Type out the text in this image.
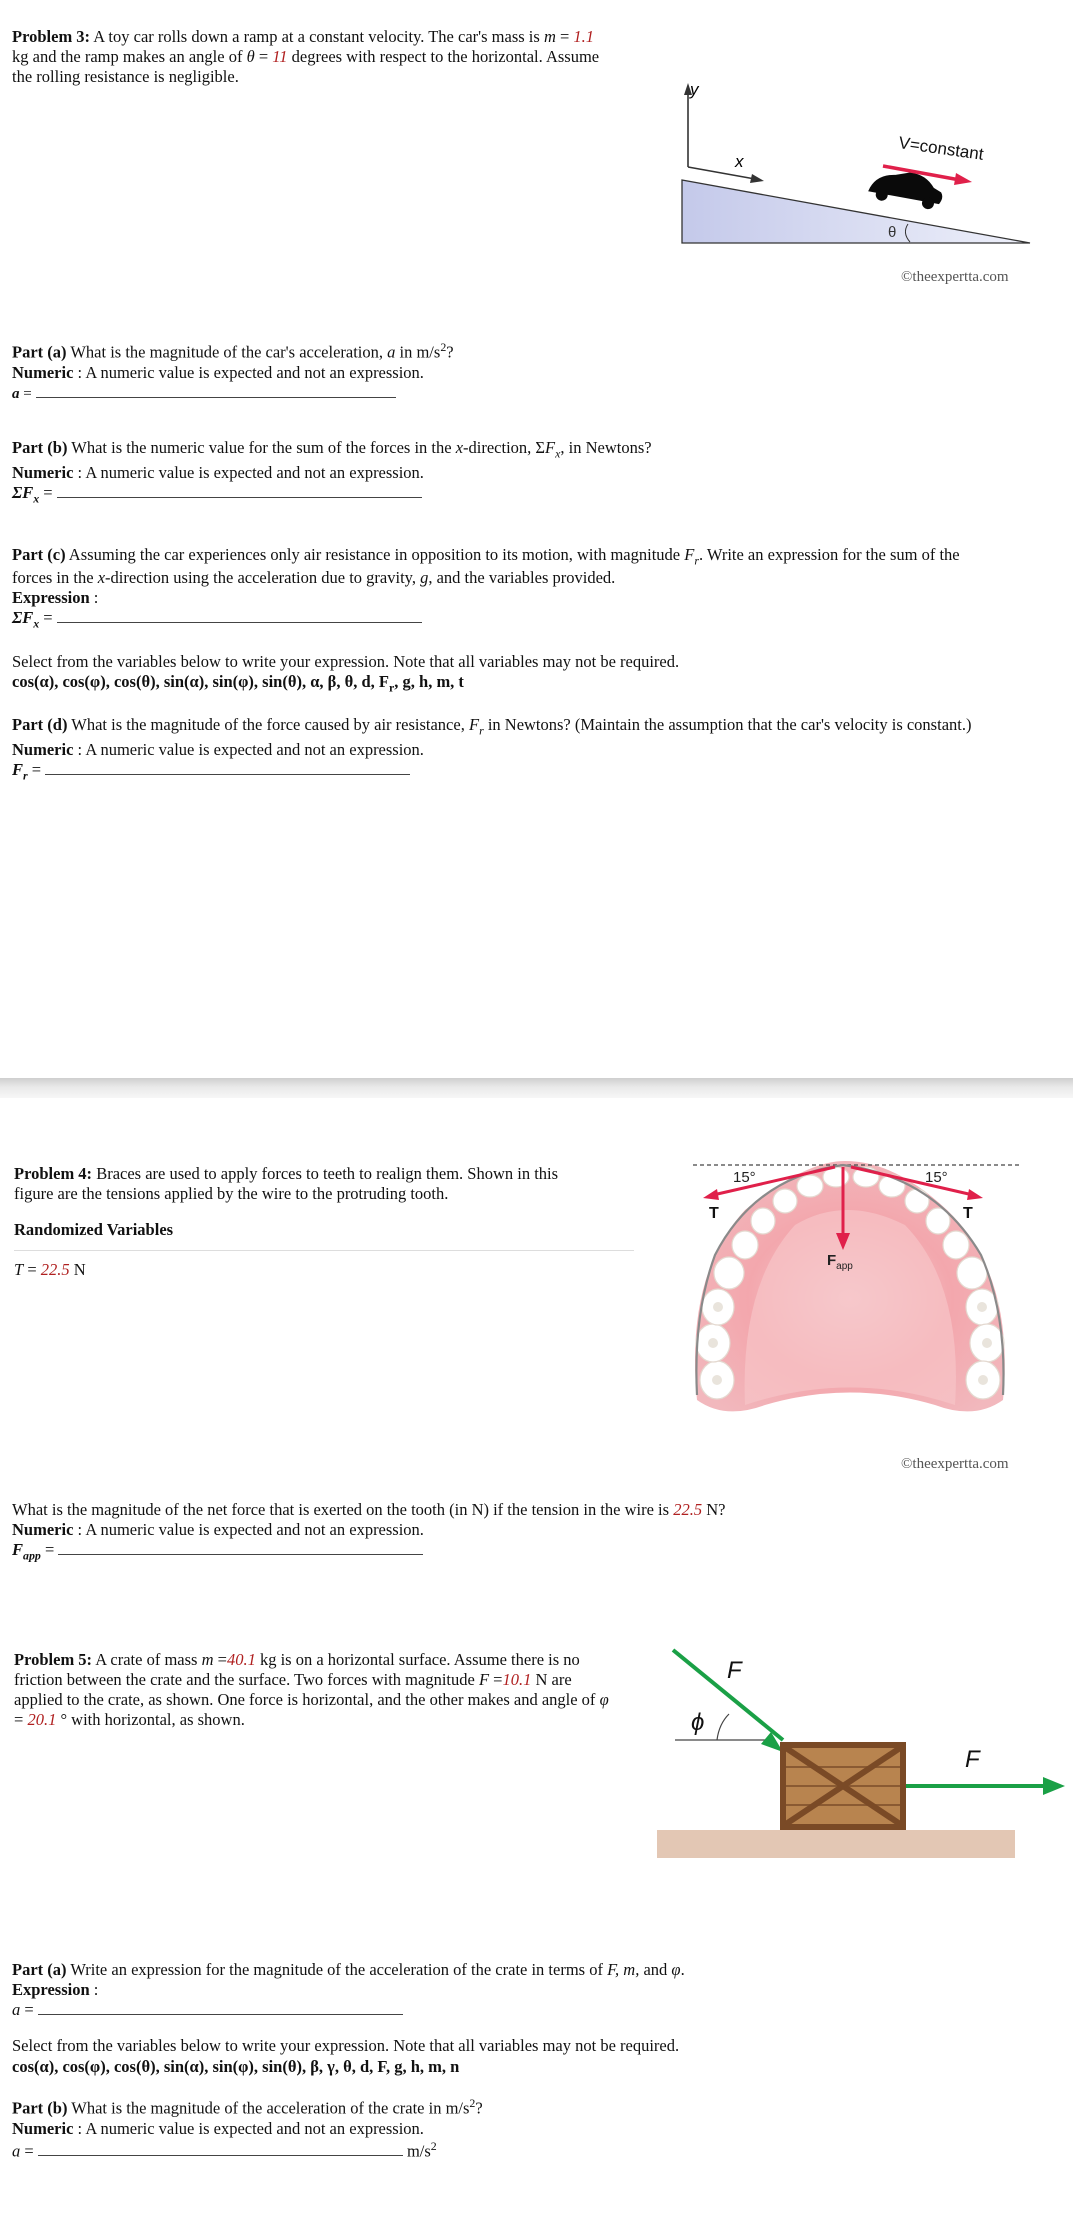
Problem 3: A toy car rolls down a ramp at a constant velocity. The car's mass is m = 1.1
kg and the ramp makes an angle of θ = 11 degrees with respect to the horizontal. Assume
the rolling resistance is negligible.
y
x	V=constant
θ
©theexpertta.com
Part (a) What is the magnitude of the car's acceleration, a in $m/s^2$?
Numeric : A numeric value is expected and not an expression.
a =
Part (b) What is the numeric value for the sum of the forces in the x-direction, $\Sigma F_x$, in Newtons?
Numeric : A numeric value is expected and not an expression.
$\Sigma F_x$ =
Part (c) Assuming the car experiences only air resistance in opposition to its motion, with magnitude $F_r$. Write an expression for the sum of the
forces in the x-direction using the acceleration due to gravity, g, and the variables provided.
Expression :
$\Sigma F_x$ =
Select from the variables below to write your expression. Note that all variables may not be required.
cos(α), cos(φ), cos(θ), sin(α), sin(φ), sin(θ), α, β, θ, d, $F_r$, g, h, m, t
Part (d) What is the magnitude of the force caused by air resistance, $F_r$ in Newtons? (Maintain the assumption that the car's velocity is constant.)
Numeric : A numeric value is expected and not an expression.
$F_r$ =
Problem 4: Braces are used to apply forces to teeth to realign them. Shown in this
figure are the tensions applied by the wire to the protruding tooth.
Randomized Variables
T = 22.5 N
15°	15°
T	T
$F_{app}$
©theexpertta.com
What is the magnitude of the net force that is exerted on the tooth (in N) if the tension in the wire is 22.5 N?
Numeric : A numeric value is expected and not an expression.
$F_{app}$ =
Problem 5: A crate of mass m =40.1 kg is on a horizontal surface. Assume there is no
friction between the crate and the surface. Two forces with magnitude F =10.1 N are
applied to the crate, as shown. One force is horizontal, and the other makes and angle of φ
= 20.1 ° with horizontal, as shown.
F
ϕ
F
Part (a) Write an expression for the magnitude of the acceleration of the crate in terms of F, m, and φ.
Expression :
a =
Select from the variables below to write your expression. Note that all variables may not be required.
cos(α), cos(φ), cos(θ), sin(α), sin(φ), sin(θ), β, γ, θ, d, F, g, h, m, n
Part (b) What is the magnitude of the acceleration of the crate in $m/s^2$?
Numeric : A numeric value is expected and not an expression.
a =	$m/s^2$
